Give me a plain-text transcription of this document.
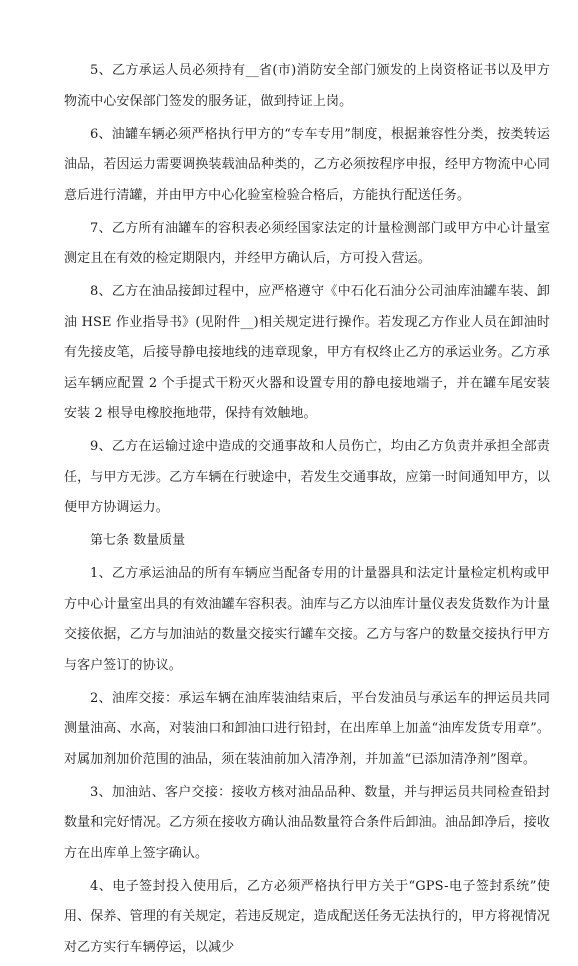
5、乙方承运人员必须持有__省(市)消防安全部门颁发的上岗资格证书以及甲方物流中心安保部门签发的服务证，做到持证上岗。

6、油罐车辆必须严格执行甲方的“专车专用”制度，根据兼容性分类，按类转运油品，若因运力需要调换装载油品种类的，乙方必须按程序申报，经甲方物流中心同意后进行清罐，并由甲方中心化验室检验合格后，方能执行配送任务。

7、乙方所有油罐车的容积表必须经国家法定的计量检测部门或甲方中心计量室测定且在有效的检定期限内，并经甲方确认后，方可投入营运。

8、乙方在油品接卸过程中，应严格遵守《中石化石油分公司油库油罐车装、卸油 HSE 作业指导书》(见附件__)相关规定进行操作。若发现乙方作业人员在卸油时有先接皮笔，后接导静电接地线的违章现象，甲方有权终止乙方的承运业务。乙方承运车辆应配置 2 个手提式干粉灭火器和设置专用的静电接地端子，并在罐车尾安装安装 2 根导电橡胶拖地带，保持有效触地。

9、乙方在运输过途中造成的交通事故和人员伤亡，均由乙方负责并承担全部责任，与甲方无涉。乙方车辆在行驶途中，若发生交通事故，应第一时间通知甲方，以便甲方协调运力。

第七条 数量质量

1、乙方承运油品的所有车辆应当配备专用的计量器具和法定计量检定机构或甲方中心计量室出具的有效油罐车容积表。油库与乙方以油库计量仪表发货数作为计量交接依据，乙方与加油站的数量交接实行罐车交接。乙方与客户的数量交接执行甲方与客户签订的协议。

2、油库交接：承运车辆在油库装油结束后，平台发油员与承运车的押运员共同测量油高、水高，对装油口和卸油口进行铅封，在出库单上加盖“油库发货专用章”。对属加剂加价范围的油品，须在装油前加入清净剂，并加盖“已添加清净剂”图章。

3、加油站、客户交接：接收方核对油品品种、数量，并与押运员共同检查铅封数量和完好情况。乙方须在接收方确认油品数量符合条件后卸油。油品卸净后，接收方在出库单上签字确认。

4、电子签封投入使用后，乙方必须严格执行甲方关于“GPS-电子签封系统”使用、保养、管理的有关规定，若违反规定，造成配送任务无法执行的，甲方将视情况对乙方实行车辆停运，以减少
